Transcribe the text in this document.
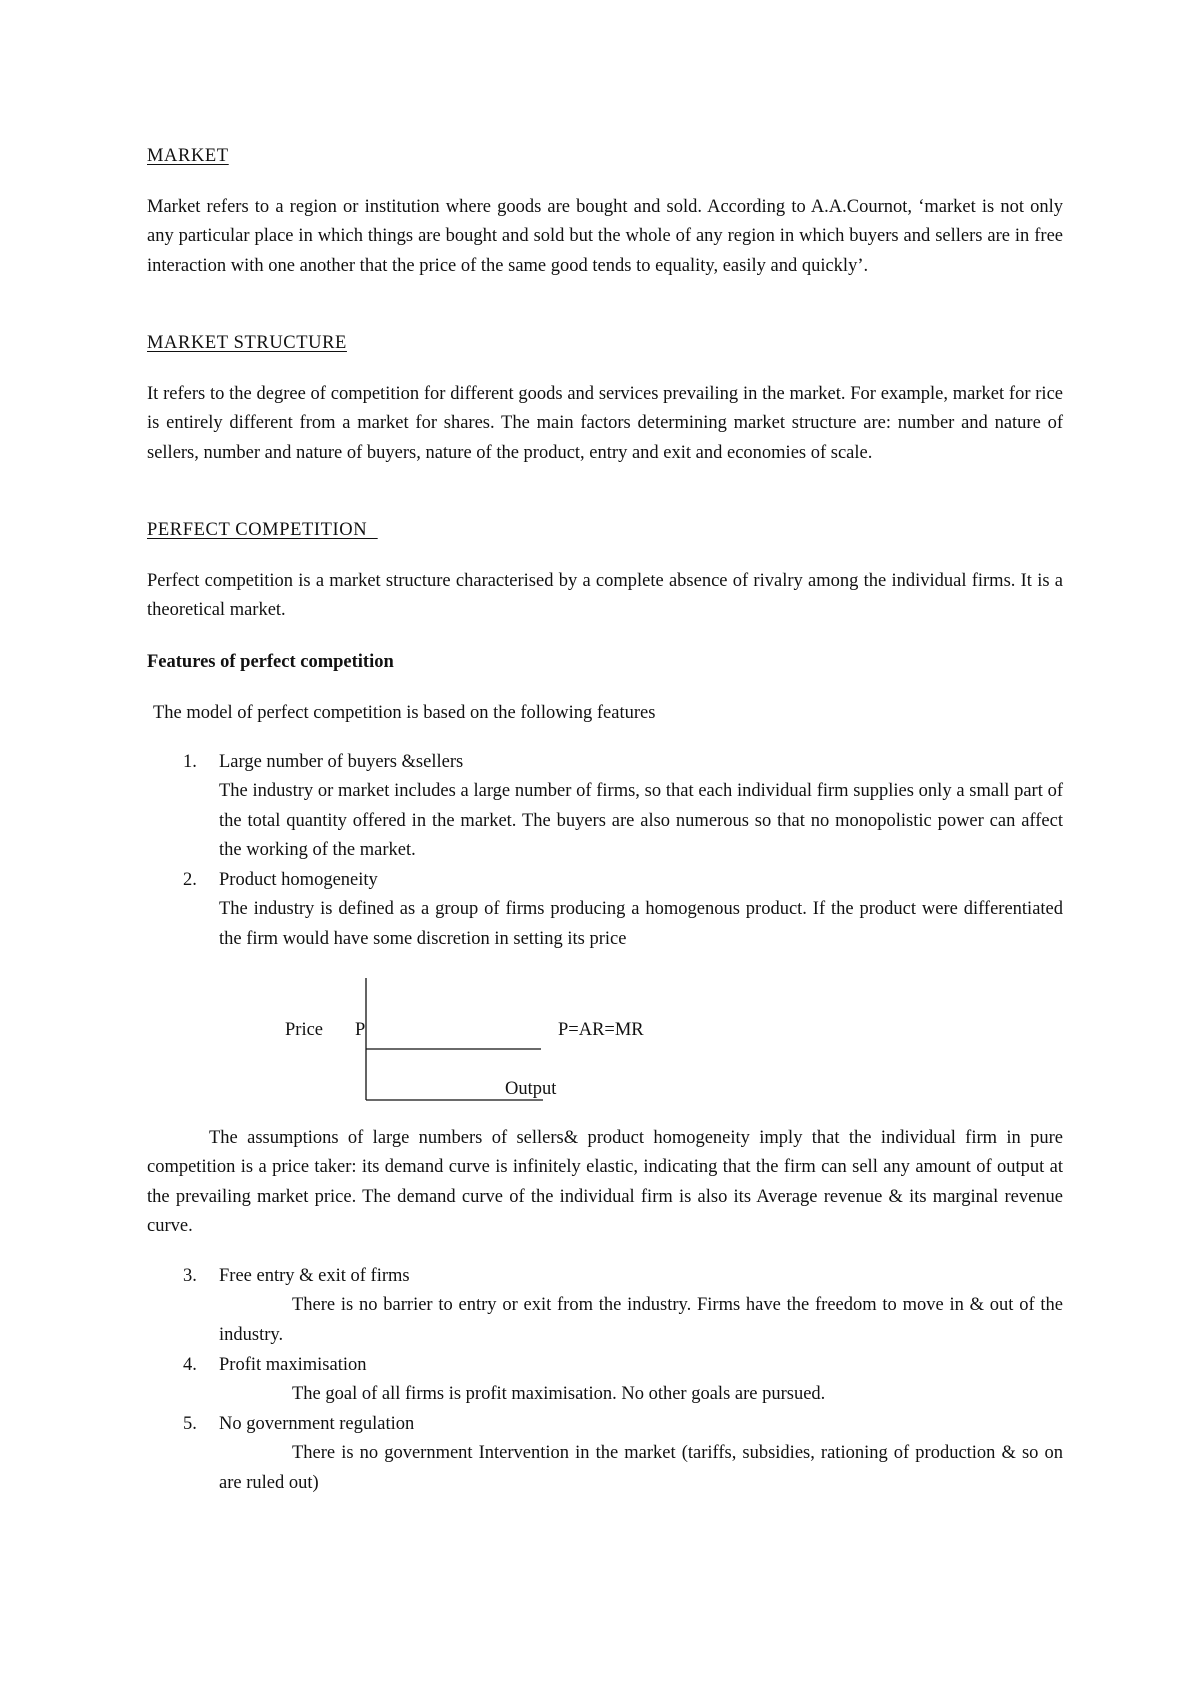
MARKET

Market refers to a region or institution where goods are bought and sold. According to A.A.Cournot, ‘market is not only any particular place in which things are bought and sold but the whole of any region in which buyers and sellers are in free interaction with one another that the price of the same good tends to equality, easily and quickly’.

MARKET STRUCTURE

It refers to the degree of competition for different goods and services prevailing in the market. For example, market for rice is entirely different from a market for shares. The main factors determining market structure are: number and nature of sellers, number and nature of buyers, nature of the product, entry and exit and economies of scale.

PERFECT COMPETITION

Perfect competition is a market structure characterised by a complete absence of rivalry among the individual firms. It is a theoretical market.

Features of perfect competition

The model of perfect competition is based on the following features

1. Large number of buyers &sellers

The industry or market includes a large number of firms, so that each individual firm supplies only a small part of the total quantity offered in the market. The buyers are also numerous so that no monopolistic power can affect the working of the market.

2. Product homogeneity

The industry is defined as a group of firms producing a homogenous product. If the product were differentiated the firm would have some discretion in setting its price

Price P	P=AR=MR
Output

The assumptions of large numbers of sellers& product homogeneity imply that the individual firm in pure competition is a price taker: its demand curve is infinitely elastic, indicating that the firm can sell any amount of output at the prevailing market price. The demand curve of the individual firm is also its Average revenue & its marginal revenue curve.

3. Free entry & exit of firms

There is no barrier to entry or exit from the industry. Firms have the freedom to move in & out of the industry.

4. Profit maximisation

The goal of all firms is profit maximisation. No other goals are pursued.

5. No government regulation

There is no government Intervention in the market (tariffs, subsidies, rationing of production & so on are ruled out)
